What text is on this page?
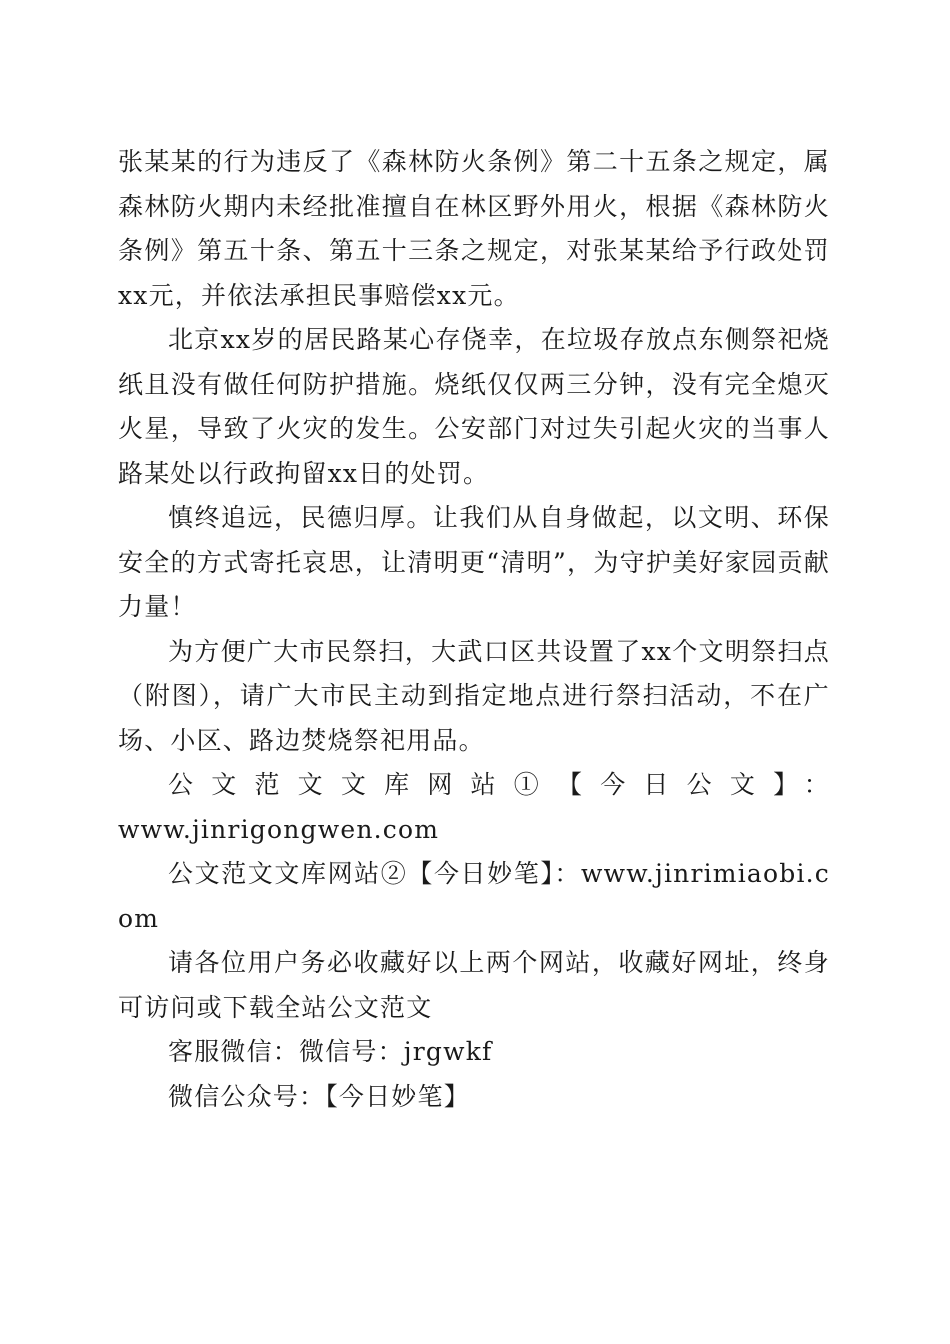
张某某的行为违反了《森林防火条例》第二十五条之规定，属森林防火期内未经批准擅自在林区野外用火，根据《森林防火条例》第五十条、第五十三条之规定，对张某某给予行政处罚xx元，并依法承担民事赔偿xx元。

北京xx岁的居民路某心存侥幸，在垃圾存放点东侧祭祀烧纸且没有做任何防护措施。烧纸仅仅两三分钟，没有完全熄灭火星，导致了火灾的发生。公安部门对过失引起火灾的当事人路某处以行政拘留xx日的处罚。

慎终追远，民德归厚。让我们从自身做起，以文明、环保安全的方式寄托哀思，让清明更“清明”，为守护美好家园贡献力量！

为方便广大市民祭扫，大武口区共设置了xx个文明祭扫点（附图），请广大市民主动到指定地点进行祭扫活动，不在广场、小区、路边焚烧祭祀用品。

公文范文文库网站①【今日公文】：

www.jinrigongwen.com

公文范文文库网站②【今日妙笔】：www.jinrimiaobi.com

请各位用户务必收藏好以上两个网站，收藏好网址，终身可访问或下载全站公文范文

客服微信：微信号：jrgwkf

微信公众号：【今日妙笔】
